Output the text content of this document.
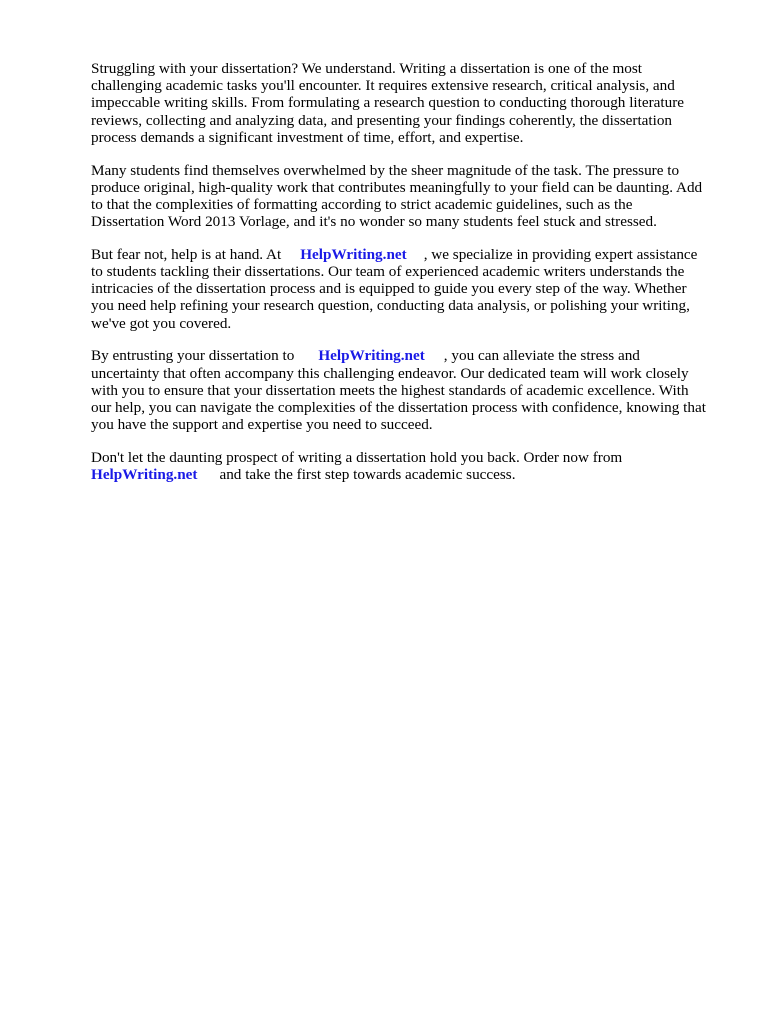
Struggling with your dissertation? We understand. Writing a dissertation is one of the most
challenging academic tasks you'll encounter. It requires extensive research, critical analysis, and
impeccable writing skills. From formulating a research question to conducting thorough literature
reviews, collecting and analyzing data, and presenting your findings coherently, the dissertation
process demands a significant investment of time, effort, and expertise.

Many students find themselves overwhelmed by the sheer magnitude of the task. The pressure to
produce original, high-quality work that contributes meaningfully to your field can be daunting. Add
to that the complexities of formatting according to strict academic guidelines, such as the
Dissertation Word 2013 Vorlage, and it's no wonder so many students feel stuck and stressed.

But fear not, help is at hand. At HelpWriting.net , we specialize in providing expert assistance
to students tackling their dissertations. Our team of experienced academic writers understands the
intricacies of the dissertation process and is equipped to guide you every step of the way. Whether
you need help refining your research question, conducting data analysis, or polishing your writing,
we've got you covered.

By entrusting your dissertation to HelpWriting.net , you can alleviate the stress and
uncertainty that often accompany this challenging endeavor. Our dedicated team will work closely
with you to ensure that your dissertation meets the highest standards of academic excellence. With
our help, you can navigate the complexities of the dissertation process with confidence, knowing that
you have the support and expertise you need to succeed.

Don't let the daunting prospect of writing a dissertation hold you back. Order now from
HelpWriting.net and take the first step towards academic success.
